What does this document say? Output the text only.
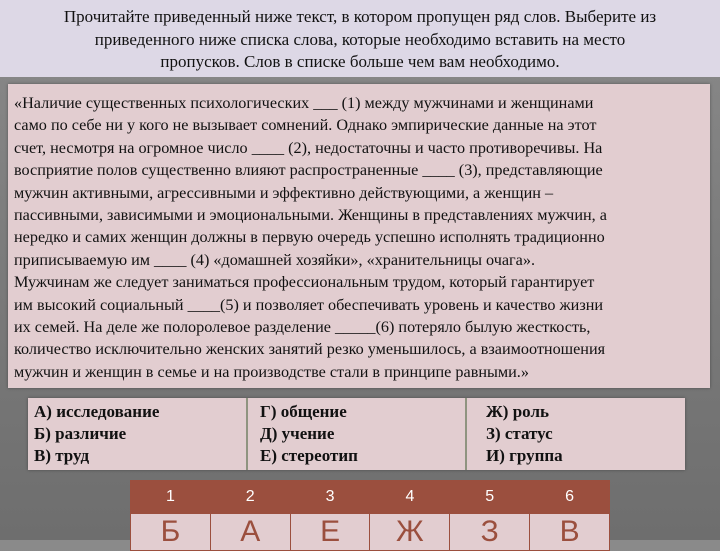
Прочитайте приведенный ниже текст, в котором пропущен ряд слов. Выберите из
приведенного ниже списка слова, которые необходимо вставить на место
пропусков. Слов в списке больше чем вам необходимо.
«Наличие существенных психологических ___ (1) между мужчинами и женщинами
само по себе ни у кого не вызывает сомнений. Однако эмпирические данные на этот
счет, несмотря на огромное число ____ (2), недостаточны и часто противоречивы. На
восприятие полов существенно влияют распространенные ____ (3), представляющие
мужчин активными, агрессивными и эффективно действующими, а женщин –
пассивными, зависимыми и эмоциональными. Женщины в представлениях мужчин, а
нередко и самих женщин должны в первую очередь успешно исполнять традиционно
приписываемую им ____ (4) «домашней хозяйки», «хранительницы очага».
Мужчинам же следует заниматься профессиональным трудом, который гарантирует
им высокий социальный ____(5) и позволяет обеспечивать уровень и качество жизни
их семей. На деле же полоролевое разделение _____(6) потеряло былую жесткость,
количество исключительно женских занятий резко уменьшилось, а взаимоотношения
мужчин и женщин в семье и на производстве стали в принципе равными.»
А) исследование
Б) различие
В) труд
Г) общение
Д) учение
Е) стереотип
Ж) роль
З) статус
И) группа
1	2	3	4	5	6
Б	А	Е	Ж	З	В
